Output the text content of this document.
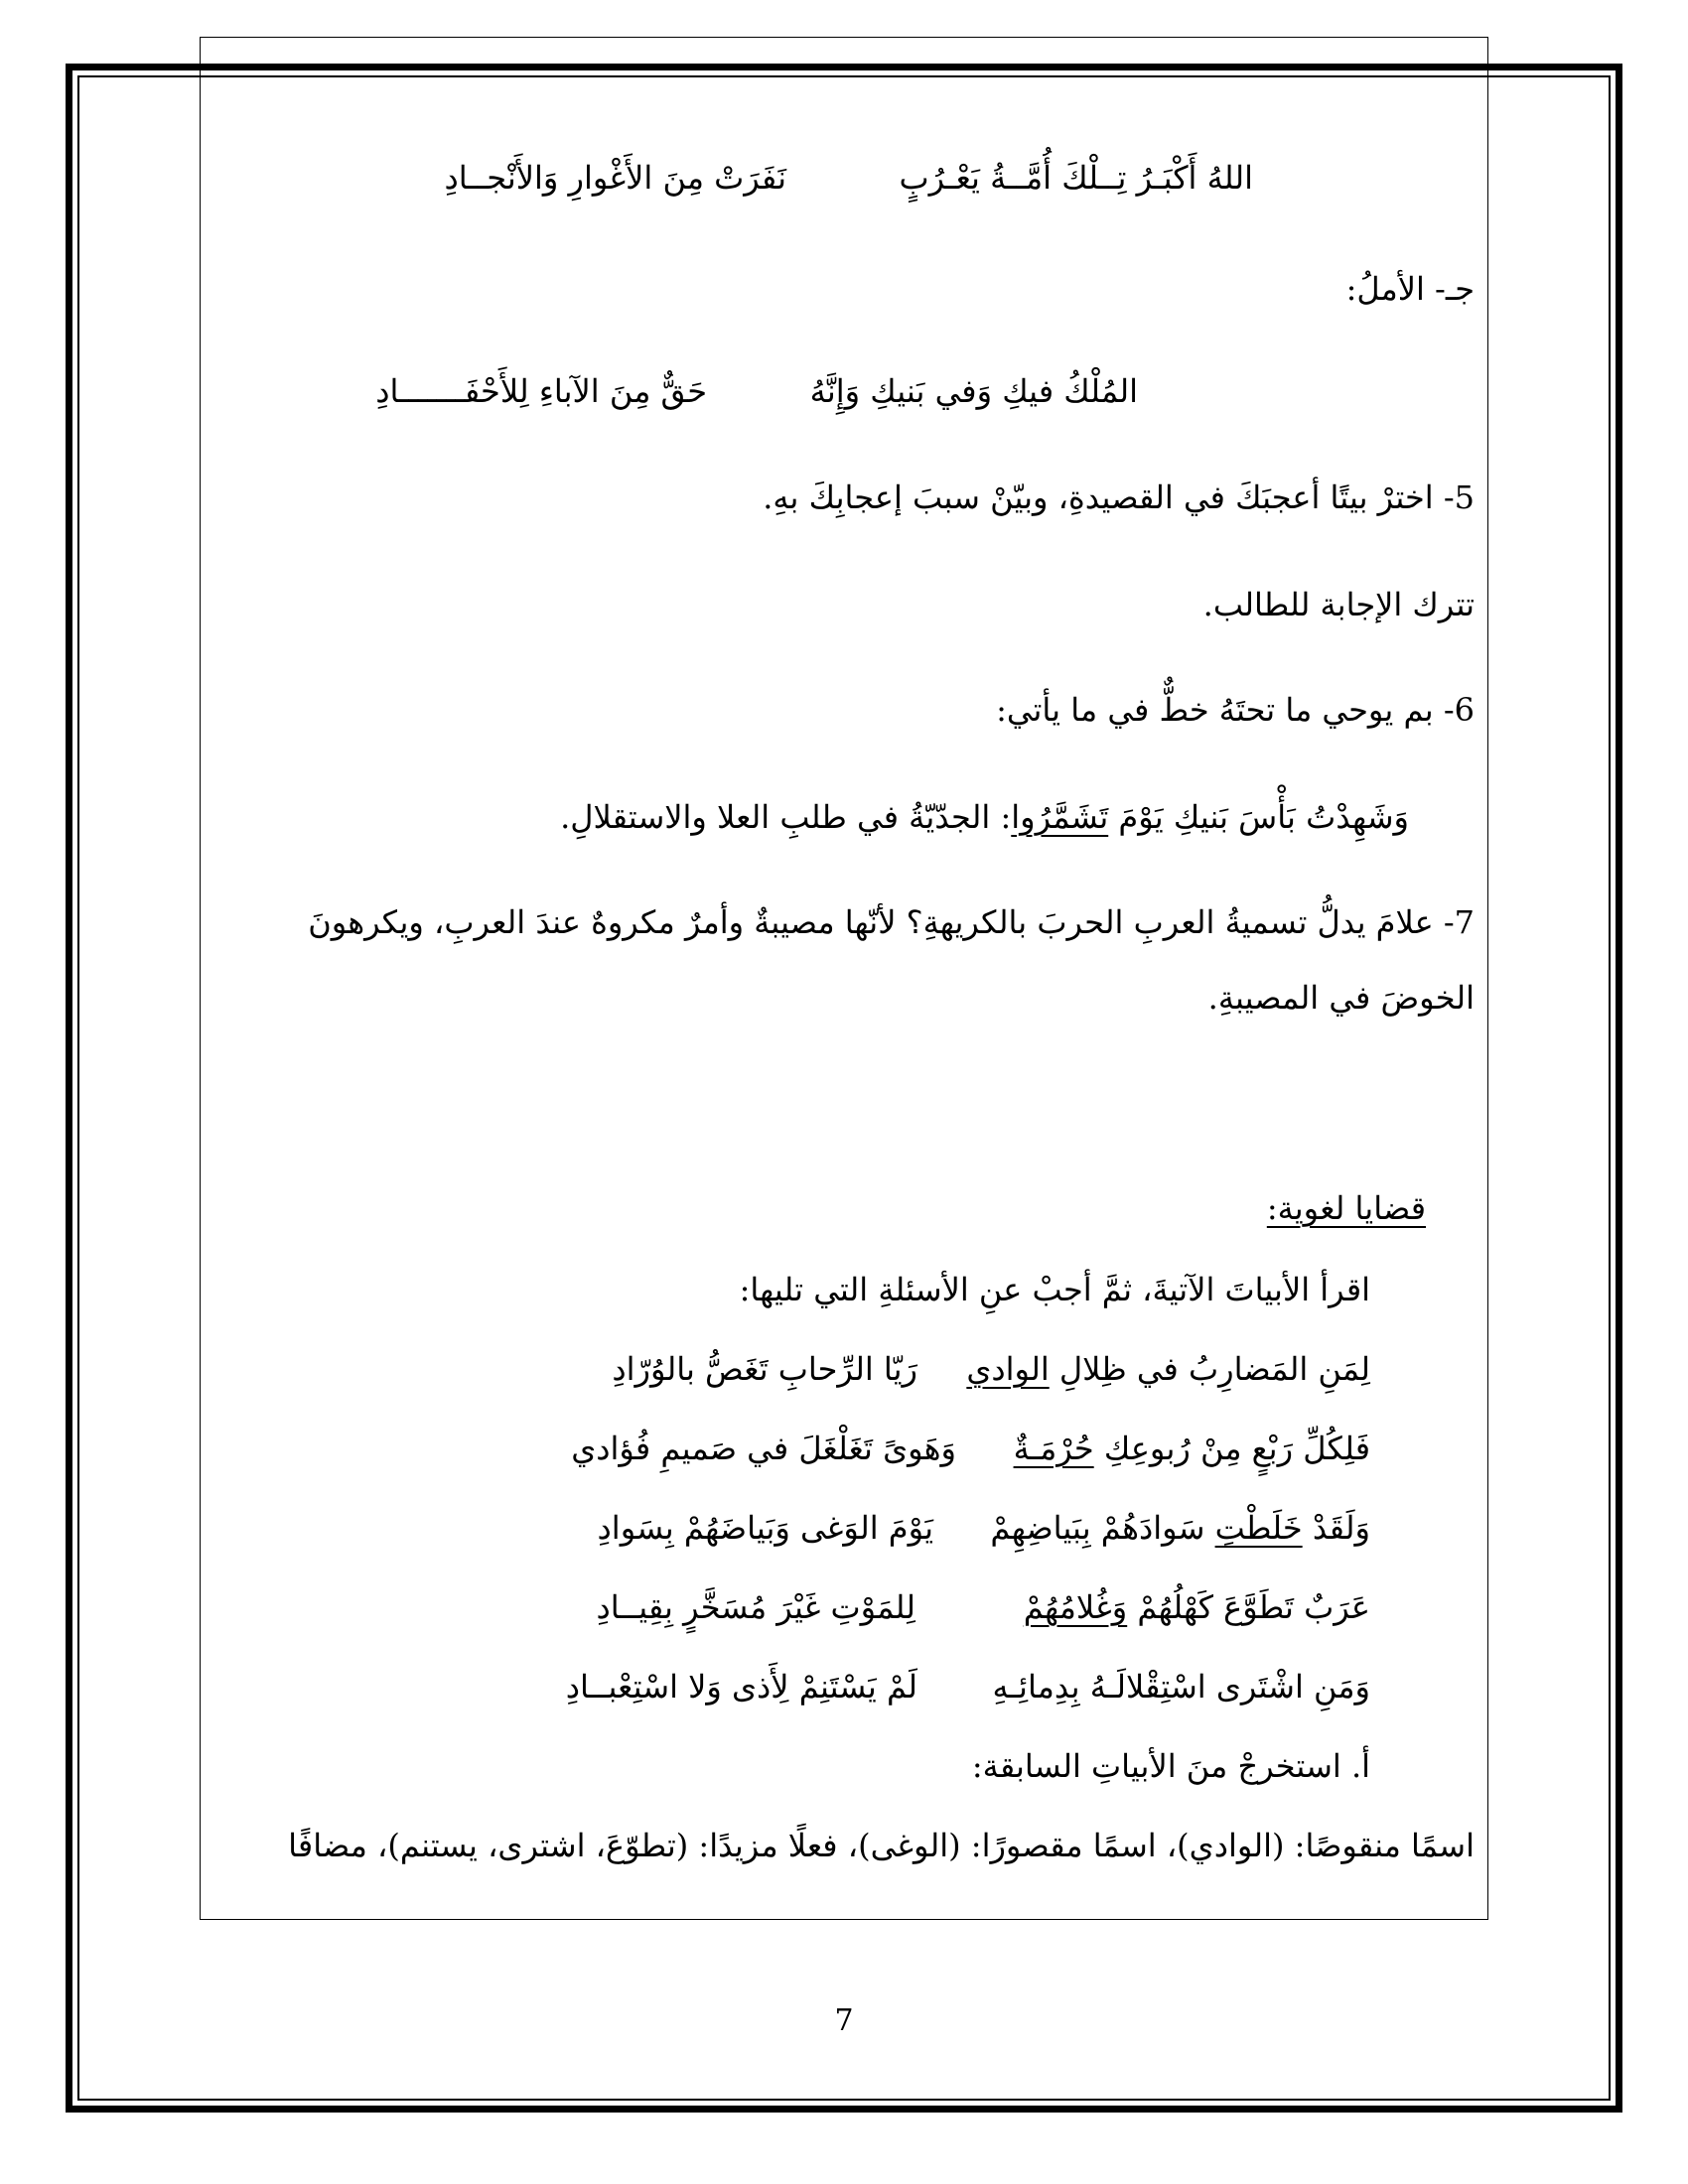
اللهُ أَكْبَـرُ تِــلْكَ أُمَّــةُ يَعْـرُبٍ
نَفَرَتْ مِنَ الأَغْوارِ وَالأَنْجــادِ
جـ- الأملُ:
المُلْكُ فيكِ وَفي بَنيكِ وَإِنَّهُ
حَقٌّ مِنَ الآباءِ لِلأَحْفَـــــــادِ
5- اخترْ بيتًا أعجبَكَ في القصيدةِ، وبيّنْ سببَ إعجابِكَ بهِ.
تترك الإجابة للطالب.
6- بم يوحي ما تحتَهُ خطٌّ في ما يأتي:
وَشَهِدْتُ بَأْسَ بَنيكِ يَوْمَ تَشَمَّرُوا: الجدّيّةُ في طلبِ العلا والاستقلالِ.
7- علامَ يدلُّ تسميةُ العربِ الحربَ بالكريهةِ؟ لأنّها مصيبةٌ وأمرٌ مكروهٌ عندَ العربِ، ويكرهونَ
الخوضَ في المصيبةِ.
قضايا لغوية:
اقرأ الأبياتَ الآتيةَ، ثمَّ أجبْ عنِ الأسئلةِ التي تليها:
لِمَنِ المَضارِبُ في ظِلالِ الوادي
رَيّا الرِّحابِ تَغَصُّ بالوُرّادِ
فَلِكُلِّ رَبْعٍ مِنْ رُبوعِكِ حُرْمَـةٌ
وَهَوىً تَغَلْغَلَ في صَميمِ فُؤادي
وَلَقَدْ خَلَطْتِ سَوادَهُمْ بِبَياضِهِمْ
يَوْمَ الوَغى وَبَياضَهُمْ بِسَوادِ
عَرَبٌ تَطَوَّعَ كَهْلُهُمْ وَغُلامُهُمْ
لِلمَوْتِ غَيْرَ مُسَخَّرٍ بِقِيــادِ
وَمَنِ اشْتَرى اسْتِقْلالَـهُ بِدِمائِـهِ
لَمْ يَسْتَنِمْ لِأَذى وَلا اسْتِعْبــادِ
أ. استخرجْ منَ الأبياتِ السابقة:
اسمًا منقوصًا: (الوادي)، اسمًا مقصورًا: (الوغى)، فعلًا مزيدًا: (تطوّعَ، اشترى، يستنم)، مضافًا
7
